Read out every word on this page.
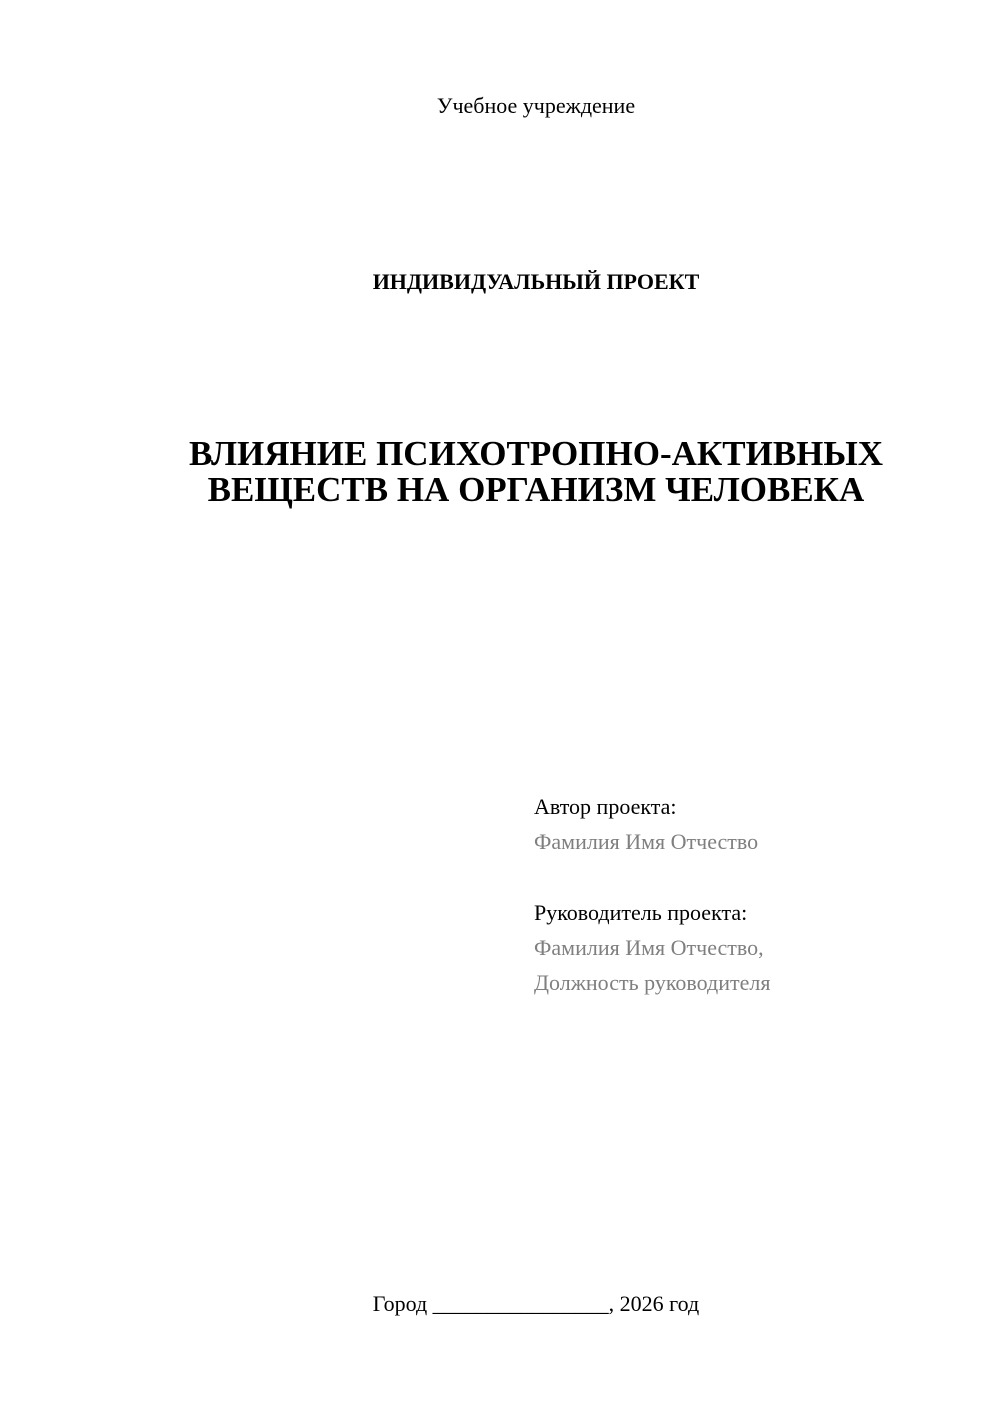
Учебное учреждение
ИНДИВИДУАЛЬНЫЙ ПРОЕКТ
ВЛИЯНИЕ ПСИХОТРОПНО-АКТИВНЫХ
ВЕЩЕСТВ НА ОРГАНИЗМ ЧЕЛОВЕКА
Автор проекта:
Фамилия Имя Отчество
Руководитель проекта:
Фамилия Имя Отчество,
Должность руководителя
Город ________________, 2026 год
